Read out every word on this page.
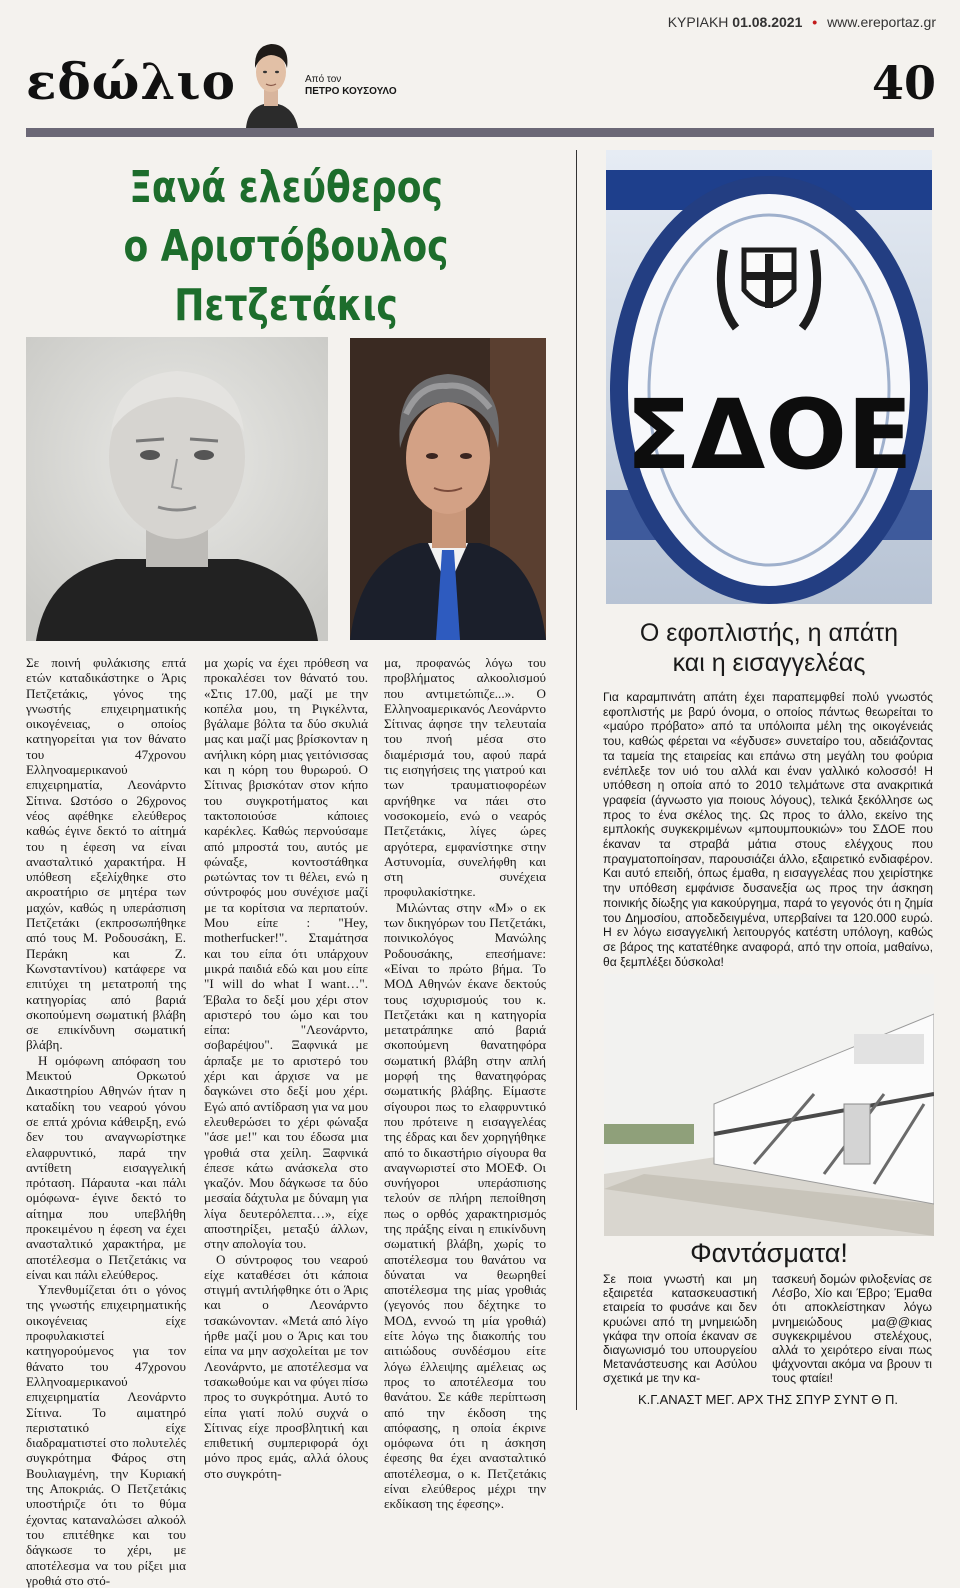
ΚΥΡΙΑΚΗ 01.08.2021 • www.ereportaz.gr
εδώλιο	Από τον
ΠΕΤΡΟ ΚΟΥΣΟΥΛΟ	40
Ξανά ελεύθερος
ο Αριστόβουλος
Πετζετάκις

Σε ποινή φυλάκισης επτά ετών καταδικάστηκε ο Άρις Πετζετάκις, γόνος της γνωστής επιχειρηματικής οικογένειας, ο οποίος κατηγορείται για τον θάνατο του 47χρονου Ελληνοαμερικανού επιχειρηματία, Λεονάρντο Σίτινα. Ωστόσο ο 26χρονος νέος αφέθηκε ελεύθερος καθώς έγινε δεκτό το αίτημά του η έφεση να είναι ανασταλτικό χαρακτήρα. Η υπόθεση εξελίχθηκε στο ακροατήριο σε μητέρα των μαχών, καθώς η υπεράσπιση Πετζετάκι (εκπροσωπήθηκε από τους Μ. Ροδουσάκη, Ε. Περάκη και Ζ. Κωνσταντίνου) κατάφερε να επιτύχει τη μετατροπή της κατηγορίας από βαριά σκοπούμενη σωματική βλάβη σε επικίνδυνη σωματική βλάβη.

Η ομόφωνη απόφαση του Μεικτού Ορκωτού Δικαστηρίου Αθηνών ήταν η καταδίκη του νεαρού γόνου σε επτά χρόνια κάθειρξη, ενώ δεν του αναγνωρίστηκε ελαφρυντικό, παρά την αντίθετη εισαγγελική πρόταση. Πάραυτα -και πάλι ομόφωνα- έγινε δεκτό το αίτημα που υπεβλήθη προκειμένου η έφεση να έχει ανασταλτικό χαρακτήρα, με αποτέλεσμα ο Πετζετάκις να είναι και πάλι ελεύθερος.

Υπενθυμίζεται ότι ο γόνος της γνωστής επιχειρηματικής οικογένειας είχε προφυλακιστεί κατηγορούμενος για τον θάνατο του 47χρονου Ελληνοαμερικανού επιχειρηματία Λεονάρντο Σίτινα. Το αιματηρό περιστατικό είχε διαδραματιστεί στο πολυτελές συγκρότημα Φάρος στη Βουλιαγμένη, την Κυριακή της Αποκριάς. Ο Πετζετάκις υποστήριζε ότι το θύμα έχοντας καταναλώσει αλκοόλ του επιτέθηκε και του δάγκωσε το χέρι, με αποτέλεσμα να του ρίξει μια γροθιά στο στό-

μα χωρίς να έχει πρόθεση να προκαλέσει τον θάνατό του. «Στις 17.00, μαζί με την κοπέλα μου, τη Ριγκέλντα, βγάλαμε βόλτα τα δύο σκυλιά μας και μαζί μας βρίσκονταν η ανήλικη κόρη μιας γειτόνισσας και η κόρη του θυρωρού. Ο Σίτινας βρισκόταν στον κήπο του συγκροτήματος και τακτοποιούσε κάποιες καρέκλες. Καθώς περνούσαμε από μπροστά του, αυτός με φώναξε, κοντοστάθηκα ρωτώντας τον τι θέλει, ενώ η σύντροφός μου συνέχισε μαζί με τα κορίτσια να περπατούν. Μου είπε : "Hey, motherfucker!". Σταμάτησα και του είπα ότι υπάρχουν μικρά παιδιά εδώ και μου είπε "I will do what I want…". Έβαλα το δεξί μου χέρι στον αριστερό του ώμο και του είπα: "Λεονάρντο, σοβαρέψου". Ξαφνικά με άρπαξε με το αριστερό του χέρι και άρχισε να με δαγκώνει στο δεξί μου χέρι. Εγώ από αντίδραση για να μου ελευθερώσει το χέρι φώναξα "άσε με!" και του έδωσα μια γροθιά στα χείλη. Ξαφνικά έπεσε κάτω ανάσκελα στο γκαζόν. Μου δάγκωσε τα δύο μεσαία δάχτυλα με δύναμη για λίγα δευτερόλεπτα…», είχε αποστηρίξει, μεταξύ άλλων, στην απολογία του.

Ο σύντροφος του νεαρού είχε καταθέσει ότι κάποια στιγμή αντιλήφθηκε ότι ο Άρις και ο Λεονάρντο τσακώνονταν. «Μετά από λίγο ήρθε μαζί μου ο Άρις και του είπα να μην ασχολείται με τον Λεονάρντο, με αποτέλεσμα να τσακωθούμε και να φύγει πίσω προς το συγκρότημα. Αυτό το είπα γιατί πολύ συχνά ο Σίτινας είχε προσβλητική και επιθετική συμπεριφορά όχι μόνο προς εμάς, αλλά όλους στο συγκρότη-

μα, προφανώς λόγω του προβλήματος αλκοολισμού που αντιμετώπιζε...». Ο Ελληνοαμερικανός Λεονάρντο Σίτινας άφησε την τελευταία του πνοή μέσα στο διαμέρισμά του, αφού παρά τις εισηγήσεις της γιατρού και των τραυματιοφορέων αρνήθηκε να πάει στο νοσοκομείο, ενώ ο νεαρός Πετζετάκις, λίγες ώρες αργότερα, εμφανίστηκε στην Αστυνομία, συνελήφθη και στη συνέχεια προφυλακίστηκε.

Μιλώντας στην «Μ» ο εκ των δικηγόρων του Πετζετάκι, ποινικολόγος Μανώλης Ροδουσάκης, επεσήμανε: «Είναι το πρώτο βήμα. Το ΜΟΔ Αθηνών έκανε δεκτούς τους ισχυρισμούς του κ. Πετζετάκι και η κατηγορία μετατράπηκε από βαριά σκοπούμενη θανατηφόρα σωματική βλάβη στην απλή μορφή της θανατηφόρας σωματικής βλάβης. Είμαστε σίγουροι πως το ελαφρυντικό που πρότεινε η εισαγγελέας της έδρας και δεν χορηγήθηκε από το δικαστήριο σίγουρα θα αναγνωριστεί στο ΜΟΕΦ. Οι συνήγοροι υπεράσπισης τελούν σε πλήρη πεποίθηση πως ο ορθός χαρακτηρισμός της πράξης είναι η επικίνδυνη σωματική βλάβη, χωρίς το αποτέλεσμα του θανάτου να δύναται να θεωρηθεί αποτέλεσμα της μίας γροθιάς (γεγονός που δέχτηκε το ΜΟΔ, εννοώ τη μία γροθιά) είτε λόγω της διακοπής του αιτιώδους συνδέσμου είτε λόγω έλλειψης αμέλειας ως προς το αποτέλεσμα του θανάτου. Σε κάθε περίπτωση από την έκδοση της απόφασης, η οποία έκρινε ομόφωνα ότι η άσκηση έφεσης θα έχει ανασταλτικό αποτέλεσμα, ο κ. Πετζετάκις είναι ελεύθερος μέχρι την εκδίκαση της έφεσης».

ΣΔΟΕ
Ο εφοπλιστής, η απάτη
και η εισαγγελέας
Για καραμπινάτη απάτη έχει παραπεμφθεί πολύ γνωστός εφοπλιστής με βαρύ όνομα, ο οποίος πάντως θεωρείται το «μαύρο πρόβατο» από τα υπόλοιπα μέλη της οικογένειάς του, καθώς φέρεται να «έγδυσε» συνεταίρο του, αδειάζοντας τα ταμεία της εταιρείας και επάνω στη μεγάλη του φούρια ενέπλεξε τον υιό του αλλά και έναν γαλλικό κολοσσό! Η υπόθεση η οποία από το 2010 τελμάτωνε στα ανακριτικά γραφεία (άγνωστο για ποιους λόγους), τελικά ξεκόλλησε ως προς το ένα σκέλος της. Ως προς το άλλο, εκείνο της εμπλοκής συγκεκριμένων «μπουμπουκιών» του ΣΔΟΕ που έκαναν τα στραβά μάτια στους ελέγχους που πραγματοποίησαν, παρουσιάζει άλλο, εξαιρετικό ενδιαφέρον. Και αυτό επειδή, όπως έμαθα, η εισαγγελέας που χειρίστηκε την υπόθεση εμφάνισε δυσανεξία ως προς την άσκηση ποινικής δίωξης για κακούργημα, παρά το γεγονός ότι η ζημία του Δημοσίου, αποδεδειγμένα, υπερβαίνει τα 120.000 ευρώ. Η εν λόγω εισαγγελική λειτουργός κατέστη υπόλογη, καθώς σε βάρος της κατατέθηκε αναφορά, από την οποία, μαθαίνω, θα ξεμπλέξει δύσκολα!
Φαντάσματα!
Σε ποια γνωστή και μη εξαιρετέα κατασκευαστική εταιρεία το φυσάνε και δεν κρυώνει από τη μνημειώδη γκάφα την οποία έκαναν σε διαγωνισμό του υπουργείου Μετανάστευσης και Ασύλου σχετικά με την κα-
τασκευή δομών φιλοξενίας σε Λέσβο, Χίο και Έβρο; Έμαθα ότι αποκλείστηκαν λόγω μνημειώδους μα@@κιας συγκεκριμένου στελέχους, αλλά το χειρότερο είναι πως ψάχνονται ακόμα να βρουν τι τους φταίει!
Κ.Γ.ΑΝΑΣΤ ΜΕΓ. ΑΡΧ ΤΗΣ ΣΠΥΡ ΣΥΝΤ Θ Π.
